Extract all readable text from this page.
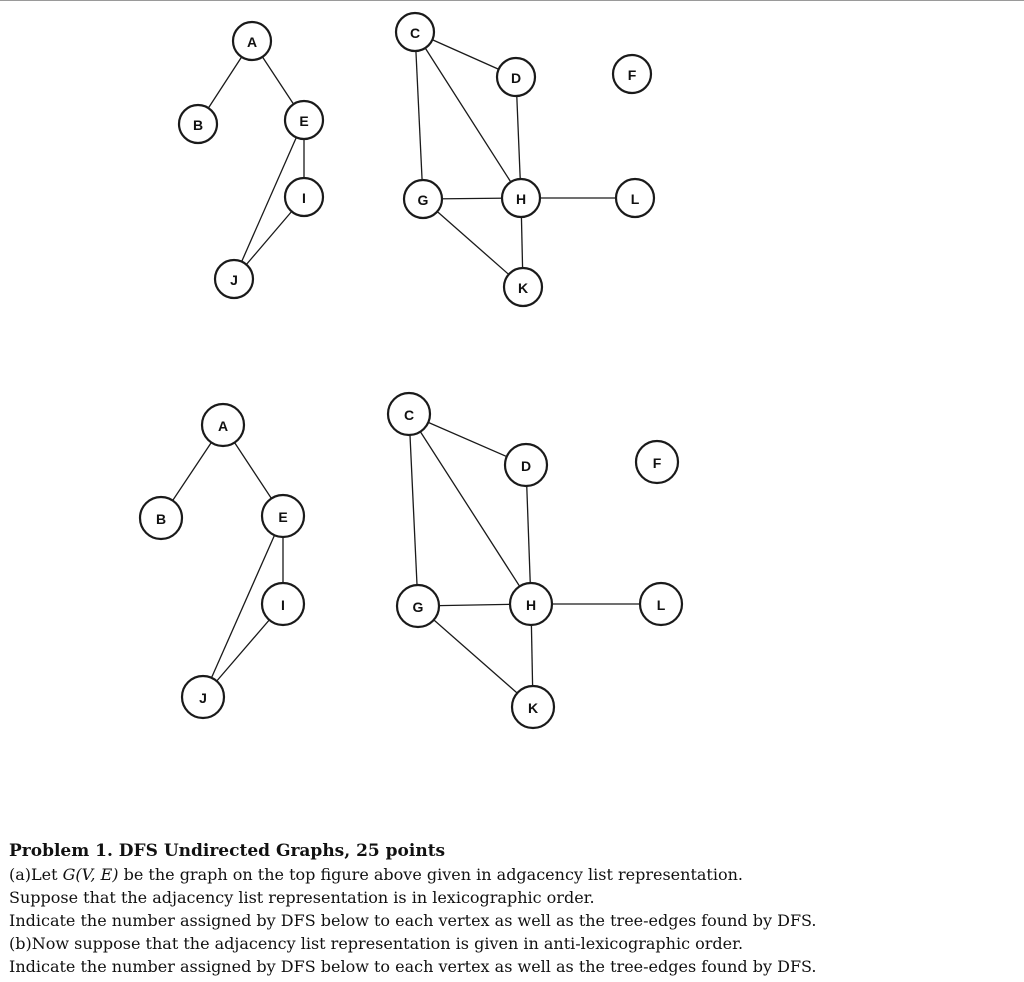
A
B
C
D
E
F
G	H
I
J	K
L
A
B
C
D
E
F
G	H
I
J
K
L

Problem 1. DFS Undirected Graphs, 25 points

(a)Let G(V, E) be the graph on the top figure above given in adgacency list representation.

Suppose that the adjacency list representation is in lexicographic order.

Indicate the number assigned by DFS below to each vertex as well as the tree-edges found by DFS.

(b)Now suppose that the adjacency list representation is given in anti-lexicographic order.

Indicate the number assigned by DFS below to each vertex as well as the tree-edges found by DFS.
